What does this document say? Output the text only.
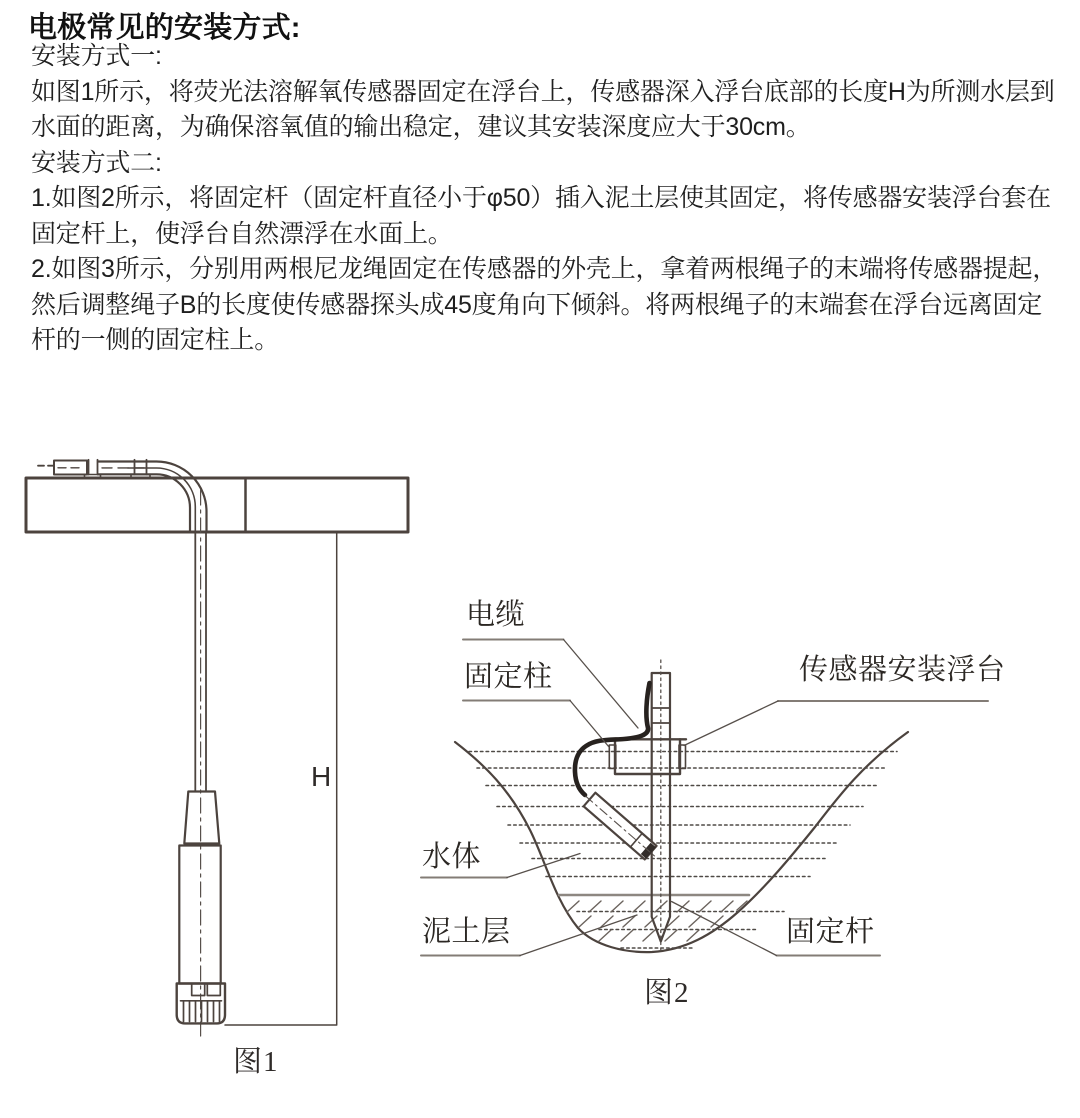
电极常见的安装方式:
安装方式一:
如图1所示，将荧光法溶解氧传感器固定在浮台上，传感器深入浮台底部的长度H为所测水层到
水面的距离，为确保溶氧值的输出稳定，建议其安装深度应大于30cm。
安装方式二:
1.如图2所示，将固定杆（固定杆直径小于φ50）插入泥土层使其固定，将传感器安装浮台套在
固定杆上，使浮台自然漂浮在水面上。
2.如图3所示，分别用两根尼龙绳固定在传感器的外壳上，拿着两根绳子的末端将传感器提起，
然后调整绳子B的长度使传感器探头成45度角向下倾斜。将两根绳子的末端套在浮台远离固定
杆的一侧的固定柱上。
H
图1
电缆
固定柱	传感器安装浮台
水体
泥土层	固定杆
图2
